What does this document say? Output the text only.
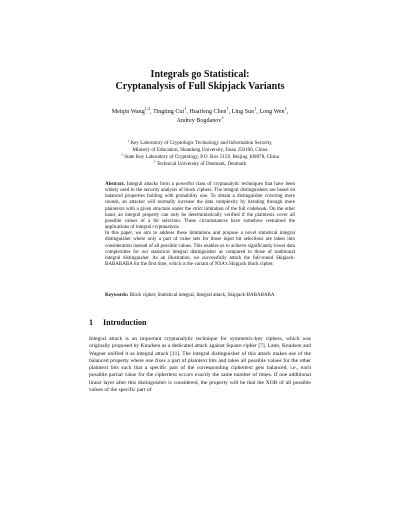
Integrals go Statistical:
Cryptanalysis of Full Skipjack Variants
Meiqin Wang$^{1,2}$, Tingting Cui$^1$, Huaifeng Chen$^1$, Ling Sun$^1$, Long Wen$^1$,
Andrey Bogdanov$^3$
$^1$ Key Laboratory of Cryptologic Technology and Information Security,
Ministry of Education, Shandong University, Jinan 250100, China
$^2$ State Key Laboratory of Cryptology, P.O. Box 5159, Beijing 100878, China
$^3$ Technical University of Denmark, Denmark

Abstract. Integral attacks form a powerful class of cryptanalytic techniques that have been widely used in the security analysis of block ciphers. The integral distinguishers are based on balanced properties holding with probability one. To obtain a distinguisher covering more rounds, an attacker will normally increase the data complexity by iterating through more plaintexts with a given structure under the strict limitation of the full codebook. On the other hand, an integral property can only be deterministically verified if the plaintexts cover all possible values of a bit selection. These circumstances have somehow restrained the applications of integral cryptanalysis.

In this paper, we aim to address these limitations and propose a novel statistical integral distinguisher where only a part of value sets for those input bit selections are taken into consideration instead of all possible values. This enables us to achieve significantly lower data complexities for our statistical integral distinguisher as compared to those of traditional integral distinguisher. As an illustration, we successfully attack the full-round Skipjack-BABABABA for the first time, which is the variant of NSA's Skipjack block cipher.

Keywords: Block cipher, Statistical integral, Integral attack, Skipjack-BABABABA
1 Introduction

Integral attack is an important cryptanalytic technique for symmetric-key ciphers, which was originally proposed by Knudsen as a dedicated attack against Square cipher [7]. Later, Knudsen and Wagner unified it as integral attack [11]. The integral distinguisher of this attack makes use of the balanced property where one fixes a part of plaintext bits and takes all possible values for the other plaintext bits such that a specific part of the corresponding ciphertext gets balanced, i.e., each possible partial value for the ciphertext occurs exactly the same number of times. If one additional linear layer after this distinguisher is considered, the property will be that the XOR of all possible values of the specific part of
